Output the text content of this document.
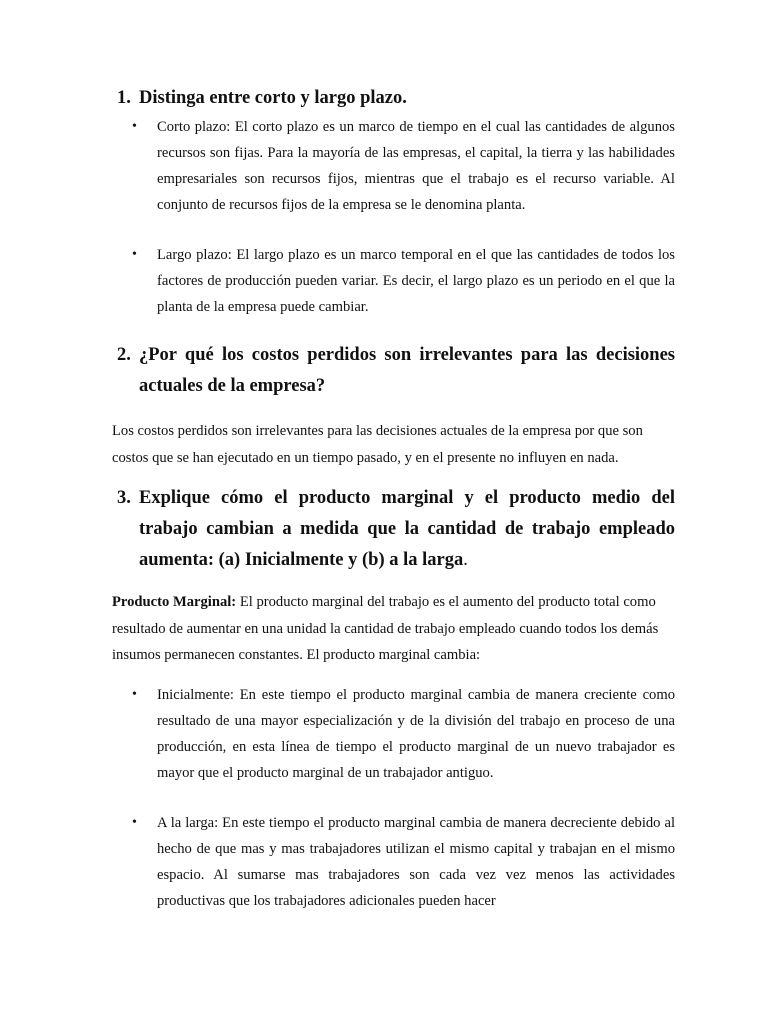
1. Distinga entre corto y largo plazo.
• Corto plazo: El corto plazo es un marco de tiempo en el cual las cantidades de algunos recursos son fijas. Para la mayoría de las empresas, el capital, la tierra y las habilidades empresariales son recursos fijos, mientras que el trabajo es el recurso variable. Al conjunto de recursos fijos de la empresa se le denomina planta.
• Largo plazo: El largo plazo es un marco temporal en el que las cantidades de todos los factores de producción pueden variar. Es decir, el largo plazo es un periodo en el que la planta de la empresa puede cambiar.
2. ¿Por qué los costos perdidos son irrelevantes para las decisiones actuales de la empresa?
Los costos perdidos son irrelevantes para las decisiones actuales de la empresa por que son costos que se han ejecutado en un tiempo pasado, y en el presente no influyen en nada.
3. Explique cómo el producto marginal y el producto medio del trabajo cambian a medida que la cantidad de trabajo empleado aumenta: (a) Inicialmente y (b) a la larga.
Producto Marginal: El producto marginal del trabajo es el aumento del producto total como resultado de aumentar en una unidad la cantidad de trabajo empleado cuando todos los demás insumos permanecen constantes. El producto marginal cambia:
• Inicialmente: En este tiempo el producto marginal cambia de manera creciente como resultado de una mayor especialización y de la división del trabajo en proceso de una producción, en esta línea de tiempo el producto marginal de un nuevo trabajador es mayor que el producto marginal de un trabajador antiguo.
• A la larga: En este tiempo el producto marginal cambia de manera decreciente debido al hecho de que mas y mas trabajadores utilizan el mismo capital y trabajan en el mismo espacio. Al sumarse mas trabajadores son cada vez vez menos las actividades productivas que los trabajadores adicionales pueden hacer
